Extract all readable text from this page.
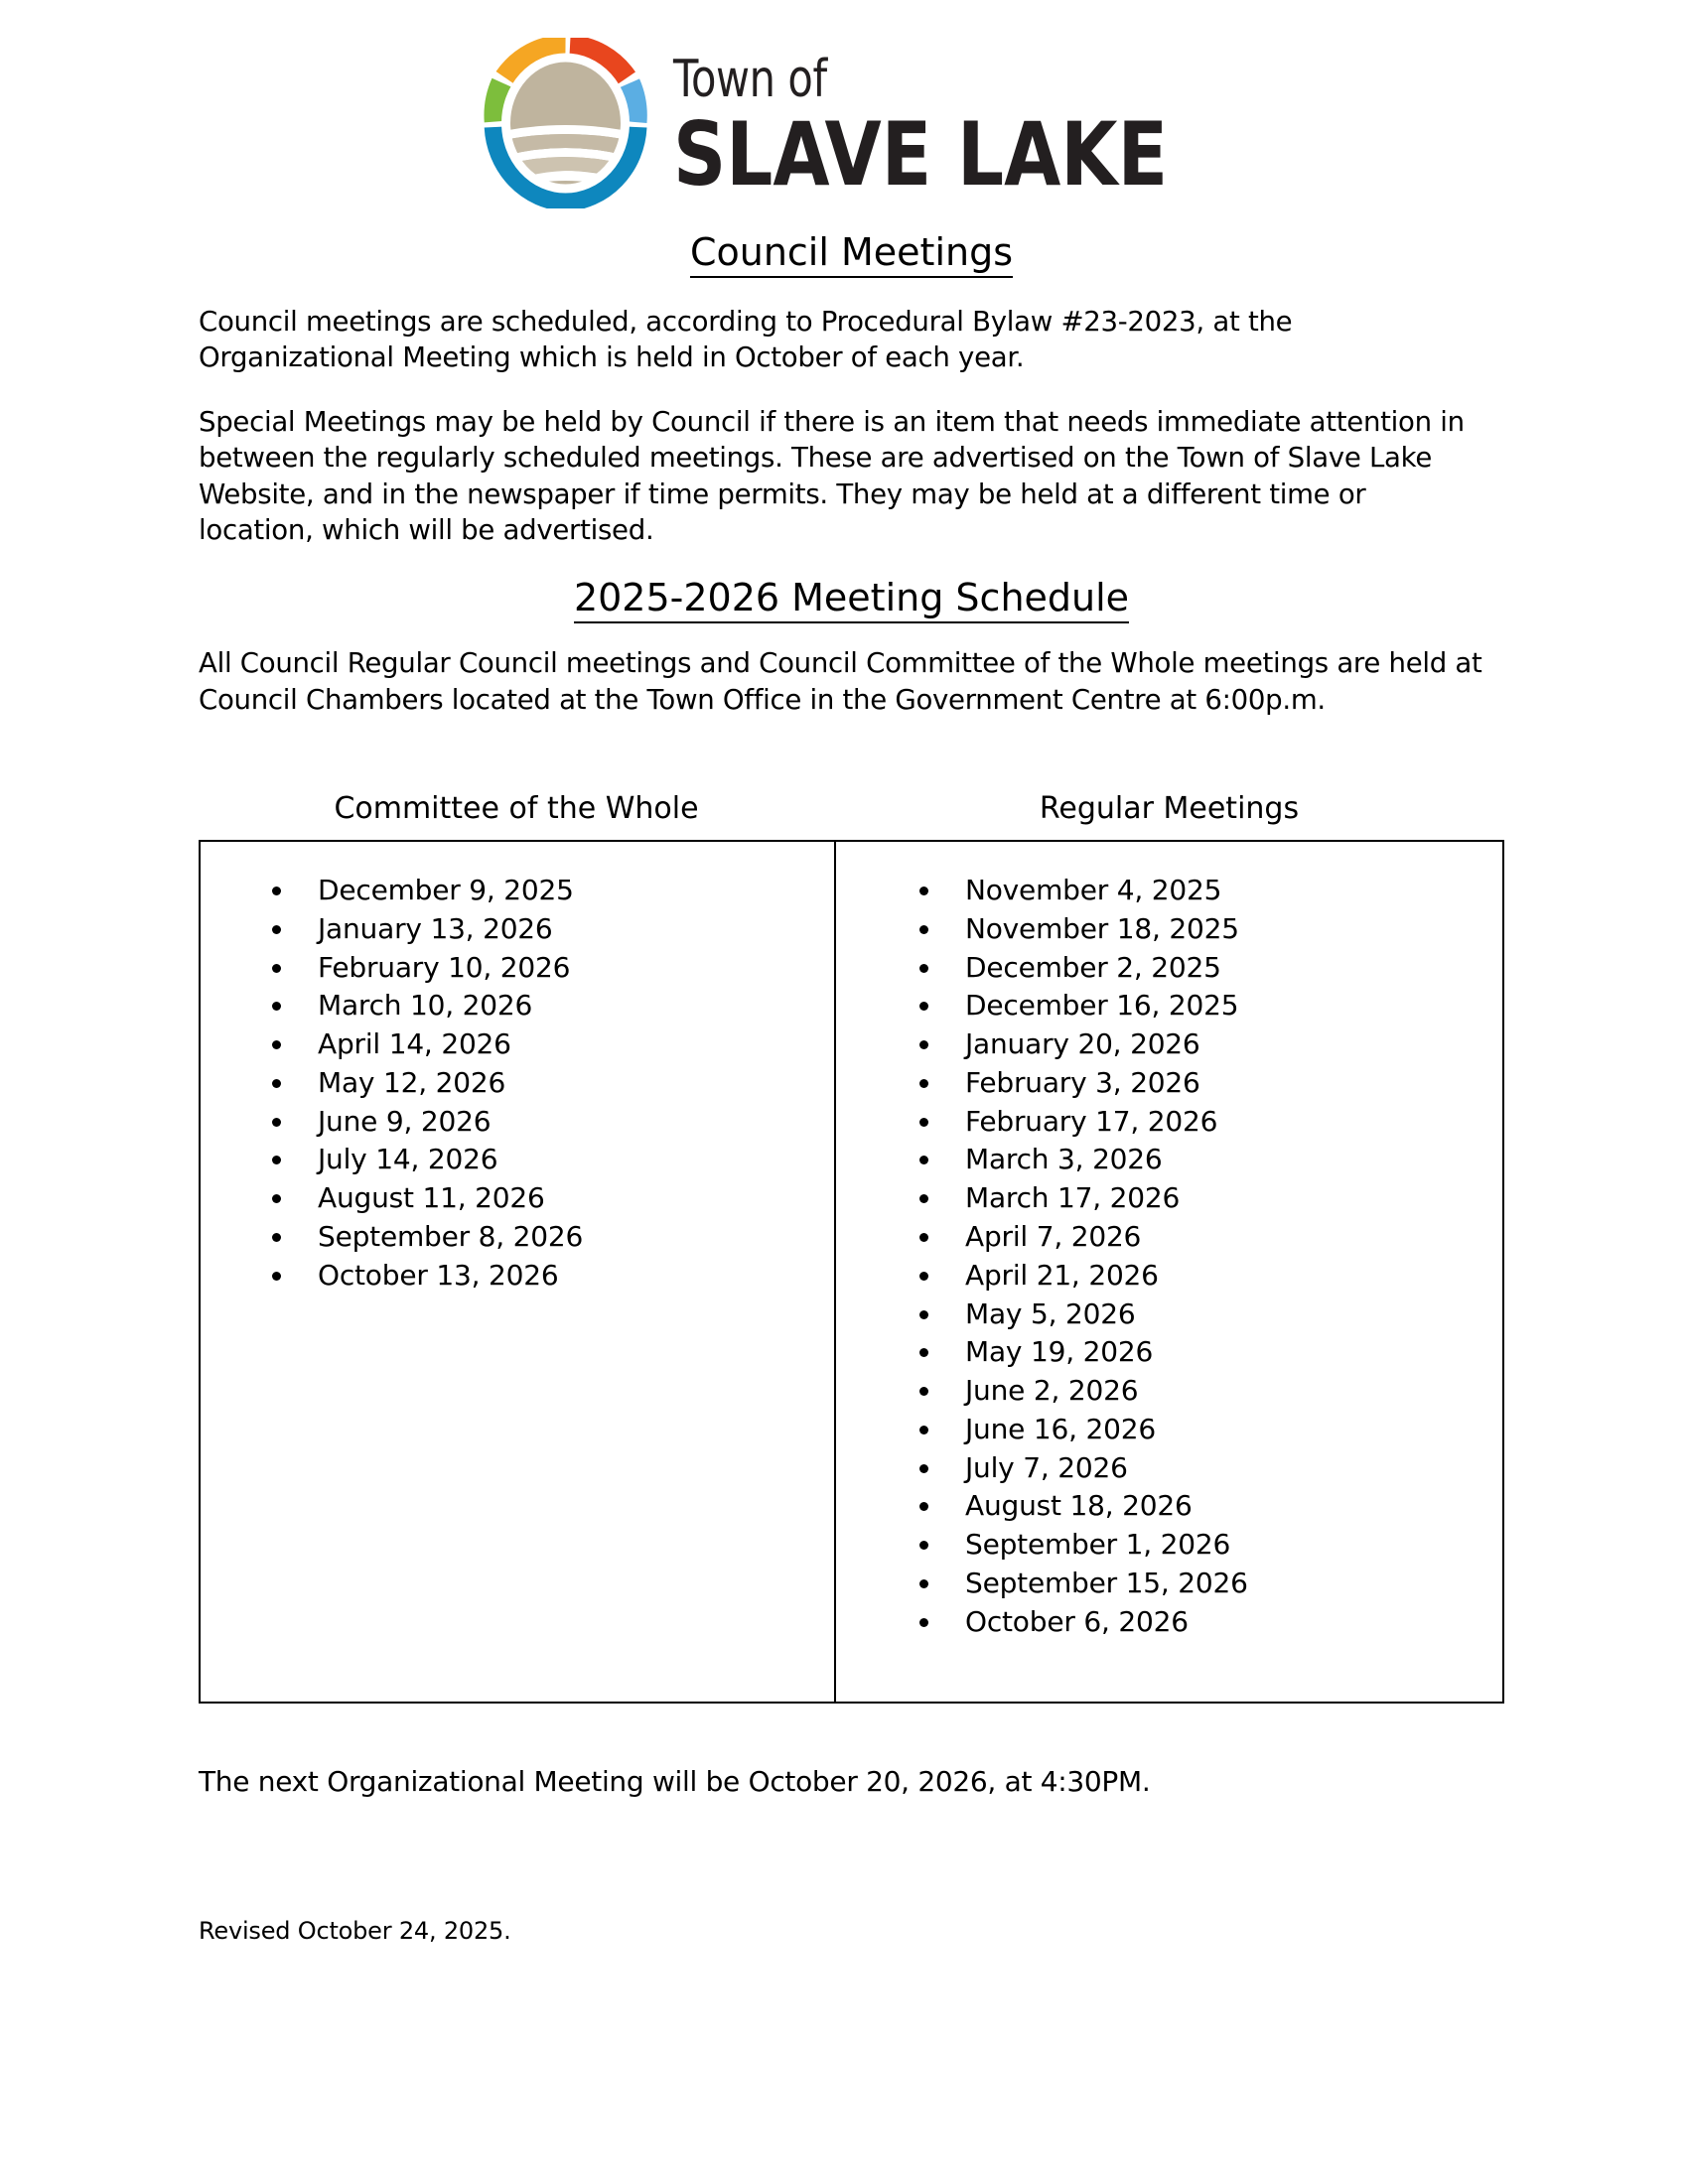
Town of
SLAVE LAKE
Council Meetings

Council meetings are scheduled, according to Procedural Bylaw #23-2023, at the Organizational Meeting which is held in October of each year.

Special Meetings may be held by Council if there is an item that needs immediate attention in between the regularly scheduled meetings. These are advertised on the Town of Slave Lake Website, and in the newspaper if time permits. They may be held at a different time or location, which will be advertised.

2025-2026 Meeting Schedule

All Council Regular Council meetings and Council Committee of the Whole meetings are held at Council Chambers located at the Town Office in the Government Centre at 6:00p.m.

Committee of the Whole	Regular Meetings
December 9, 2025
January 13, 2026
February 10, 2026
March 10, 2026
April 14, 2026
May 12, 2026
June 9, 2026
July 14, 2026
August 11, 2026
September 8, 2026
October 13, 2026
November 4, 2025
November 18, 2025
December 2, 2025
December 16, 2025
January 20, 2026
February 3, 2026
February 17, 2026
March 3, 2026
March 17, 2026
April 7, 2026
April 21, 2026
May 5, 2026
May 19, 2026
June 2, 2026
June 16, 2026
July 7, 2026
August 18, 2026
September 1, 2026
September 15, 2026
October 6, 2026

The next Organizational Meeting will be October 20, 2026, at 4:30PM.

Revised October 24, 2025.
